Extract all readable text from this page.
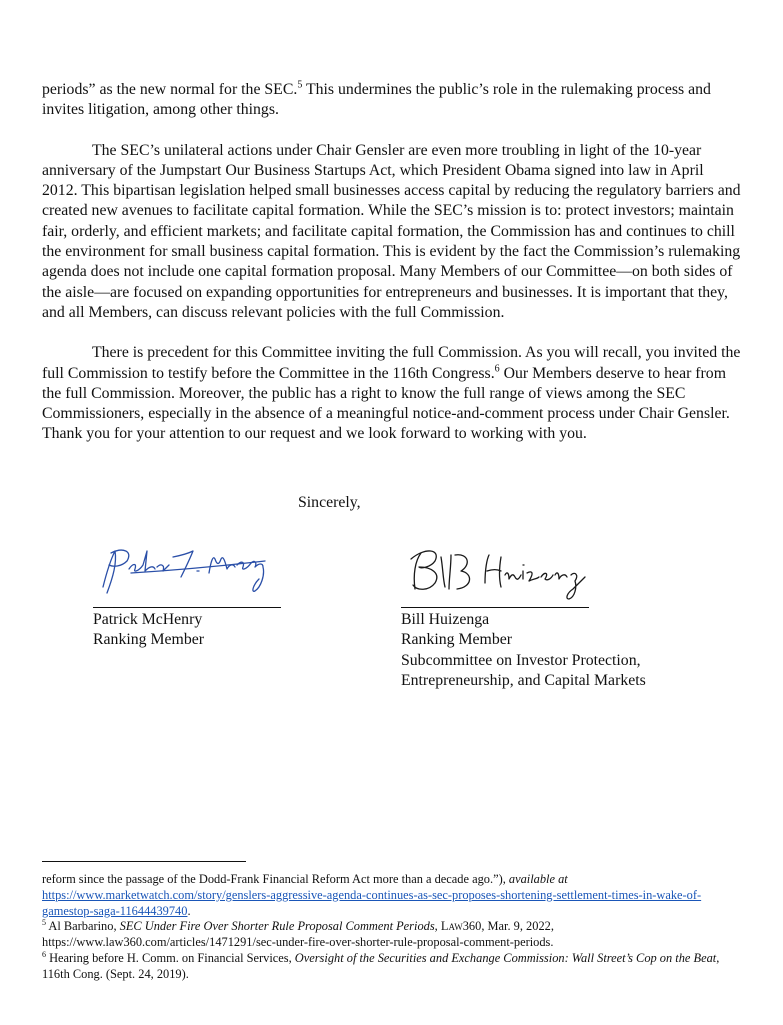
periods” as the new normal for the SEC.$^5$ This undermines the public’s role in the rulemaking process and invites litigation, among other things.

The SEC’s unilateral actions under Chair Gensler are even more troubling in light of the 10-year anniversary of the Jumpstart Our Business Startups Act, which President Obama signed into law in April 2012. This bipartisan legislation helped small businesses access capital by reducing the regulatory barriers and created new avenues to facilitate capital formation. While the SEC’s mission is to: protect investors; maintain fair, orderly, and efficient markets; and facilitate capital formation, the Commission has and continues to chill the environment for small business capital formation. This is evident by the fact the Commission’s rulemaking agenda does not include one capital formation proposal. Many Members of our Committee—on both sides of the aisle—are focused on expanding opportunities for entrepreneurs and businesses. It is important that they, and all Members, can discuss relevant policies with the full Commission.

There is precedent for this Committee inviting the full Commission. As you will recall, you invited the full Commission to testify before the Committee in the 116th Congress.$^6$ Our Members deserve to hear from the full Commission. Moreover, the public has a right to know the full range of views among the SEC Commissioners, especially in the absence of a meaningful notice-and-comment process under Chair Gensler. Thank you for your attention to our request and we look forward to working with you.

Sincerely,
Patrick McHenry
Ranking Member
Bill Huizenga
Ranking Member
Subcommittee on Investor Protection,
Entrepreneurship, and Capital Markets
reform since the passage of the Dodd-Frank Financial Reform Act more than a decade ago.”), available at
https://www.marketwatch.com/story/genslers-aggressive-agenda-continues-as-sec-proposes-shortening-settlement-times-in-wake-of-gamestop-saga-11644439740.
$^5$ Al Barbarino, SEC Under Fire Over Shorter Rule Proposal Comment Periods, Law360, Mar. 9, 2022, https://www.law360.com/articles/1471291/sec-under-fire-over-shorter-rule-proposal-comment-periods.
$^6$ Hearing before H. Comm. on Financial Services, Oversight of the Securities and Exchange Commission: Wall Street’s Cop on the Beat, 116th Cong. (Sept. 24, 2019).
